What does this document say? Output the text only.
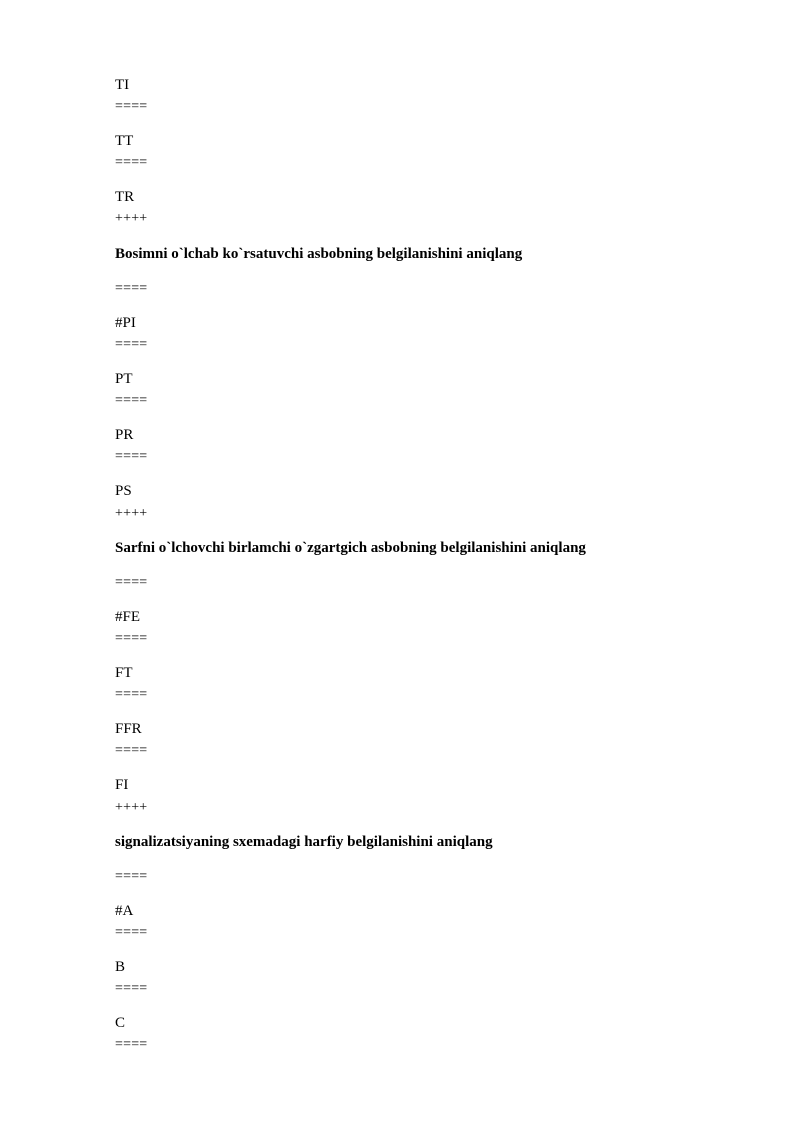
TI
====
TT
====
TR
++++
Bosimni o`lchab ko`rsatuvchi asbobning belgilanishini aniqlang
====
#PI
====
PT
====
PR
====
PS
++++
Sarfni o`lchovchi birlamchi o`zgartgich asbobning belgilanishini aniqlang
====
#FE
====
FT
====
FFR
====
FI
++++
signalizatsiyaning sxemadagi harfiy belgilanishini aniqlang
====
#A
====
B
====
C
====
